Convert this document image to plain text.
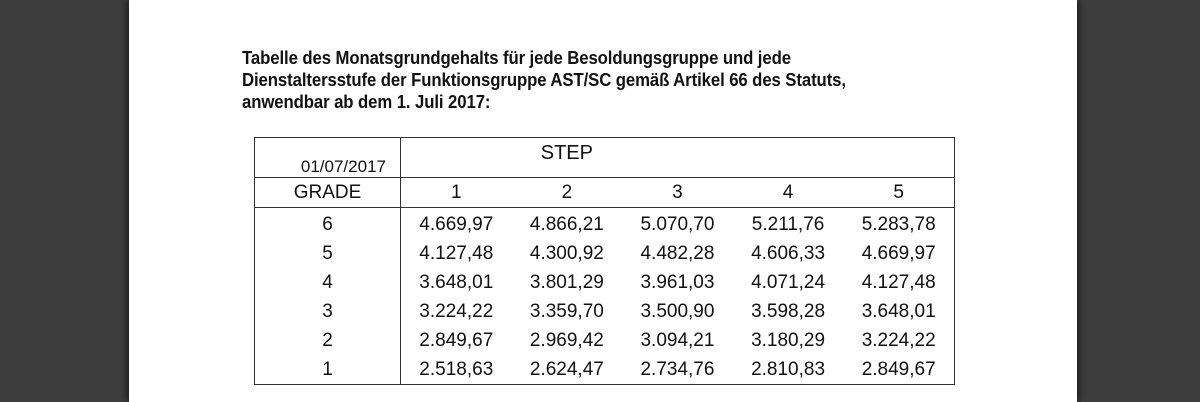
Tabelle des Monatsgrundgehalts für jede Besoldungsgruppe und jede
Dienstaltersstufe der Funktionsgruppe AST/SC gemäß Artikel 66 des Statuts,
anwendbar ab dem 1. Juli 2017:
01/07/2017		STEP			
GRADE	1	2	3	4	5
6	4.669,97	4.866,21	5.070,70	5.211,76	5.283,78
5	4.127,48	4.300,92	4.482,28	4.606,33	4.669,97
4	3.648,01	3.801,29	3.961,03	4.071,24	4.127,48
3	3.224,22	3.359,70	3.500,90	3.598,28	3.648,01
2	2.849,67	2.969,42	3.094,21	3.180,29	3.224,22
1	2.518,63	2.624,47	2.734,76	2.810,83	2.849,67
